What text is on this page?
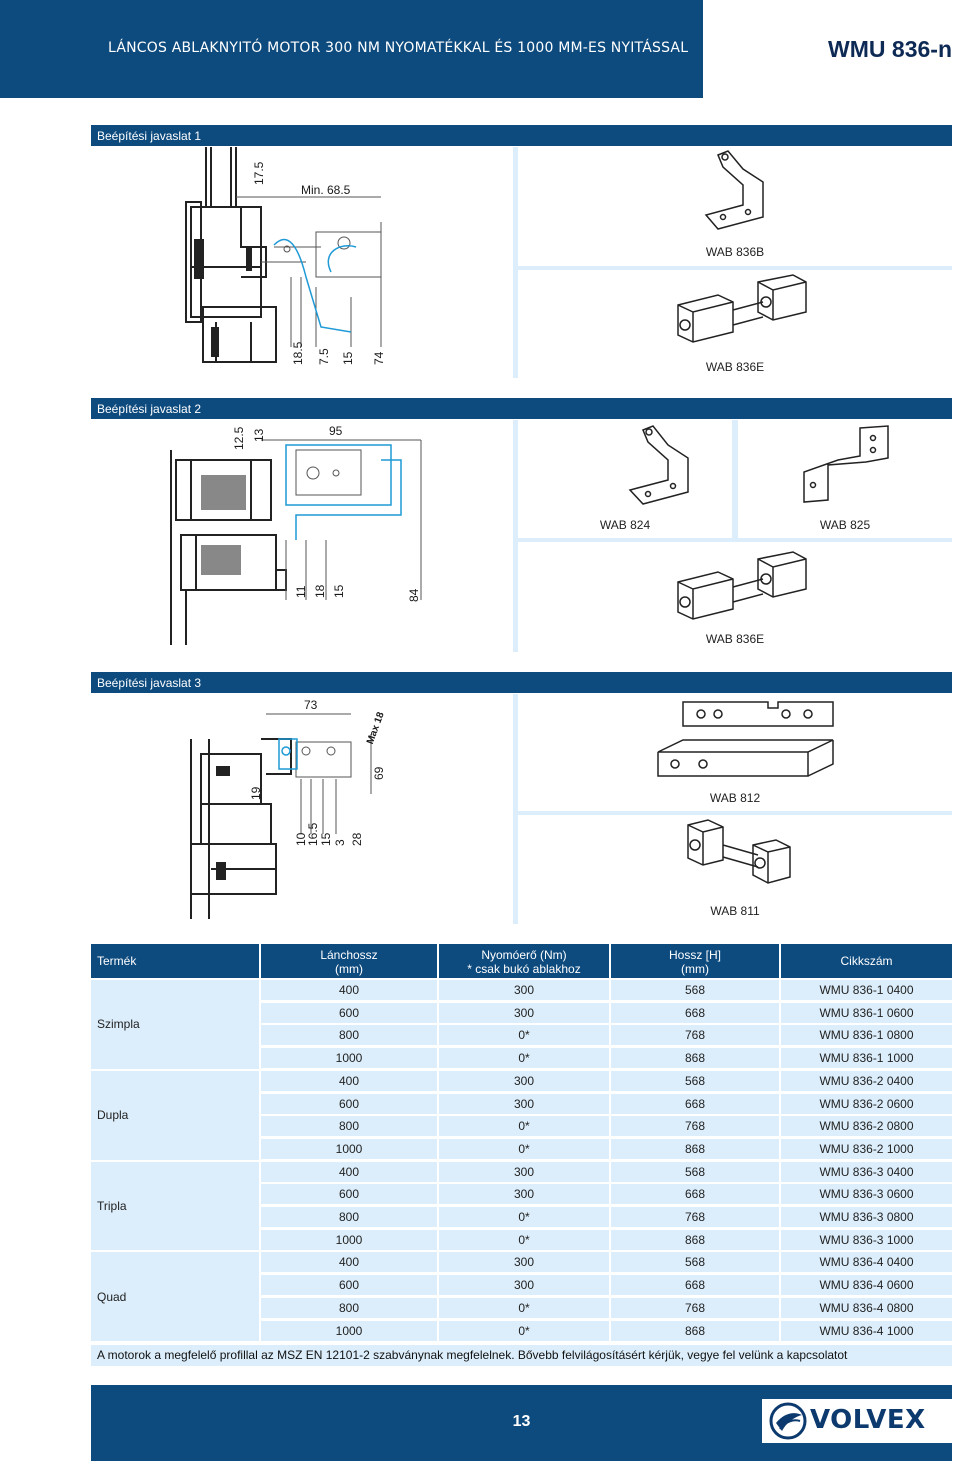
LÁNCOS ABLAKNYITÓ MOTOR 300 NM NYOMATÉKKAL ÉS 1000 MM-ES NYITÁSSAL	WMU 836-n
Beépítési javaslat 1
17.5
Min. 68.5
18.5 7.5 15 74
WAB 836B
WAB 836E
Beépítési javaslat 2
12.5 13	95
11 18 15	84
WAB 824	WAB 825
WAB 836E
Beépítési javaslat 3
73
Max 18
69
19
10
16.5 15 3 28
WAB 812
WAB 811
Termék	Lánchossz
(mm)
Nyomóerő (Nm)
* csak bukó ablakhoz
Hossz [H]
(mm)
Cikkszám
Szimpla
400	300	568	WMU 836-1 0400
600	300	668	WMU 836-1 0600
800	0*	768	WMU 836-1 0800
1000	0*	868	WMU 836-1 1000
Dupla
400	300	568	WMU 836-2 0400
600	300	668	WMU 836-2 0600
800	0*	768	WMU 836-2 0800
1000	0*	868	WMU 836-2 1000
Tripla
400	300	568	WMU 836-3 0400
600	300	668	WMU 836-3 0600
800	0*	768	WMU 836-3 0800
1000	0*	868	WMU 836-3 1000
Quad
400	300	568	WMU 836-4 0400
600	300	668	WMU 836-4 0600
800	0*	768	WMU 836-4 0800
1000	0*	868	WMU 836-4 1000
A motorok a megfelelő profillal az MSZ EN 12101-2 szabványnak megfelelnek. Bővebb felvilágosításért kérjük, vegye fel velünk a kapcsolatot
13	VOLVEX
